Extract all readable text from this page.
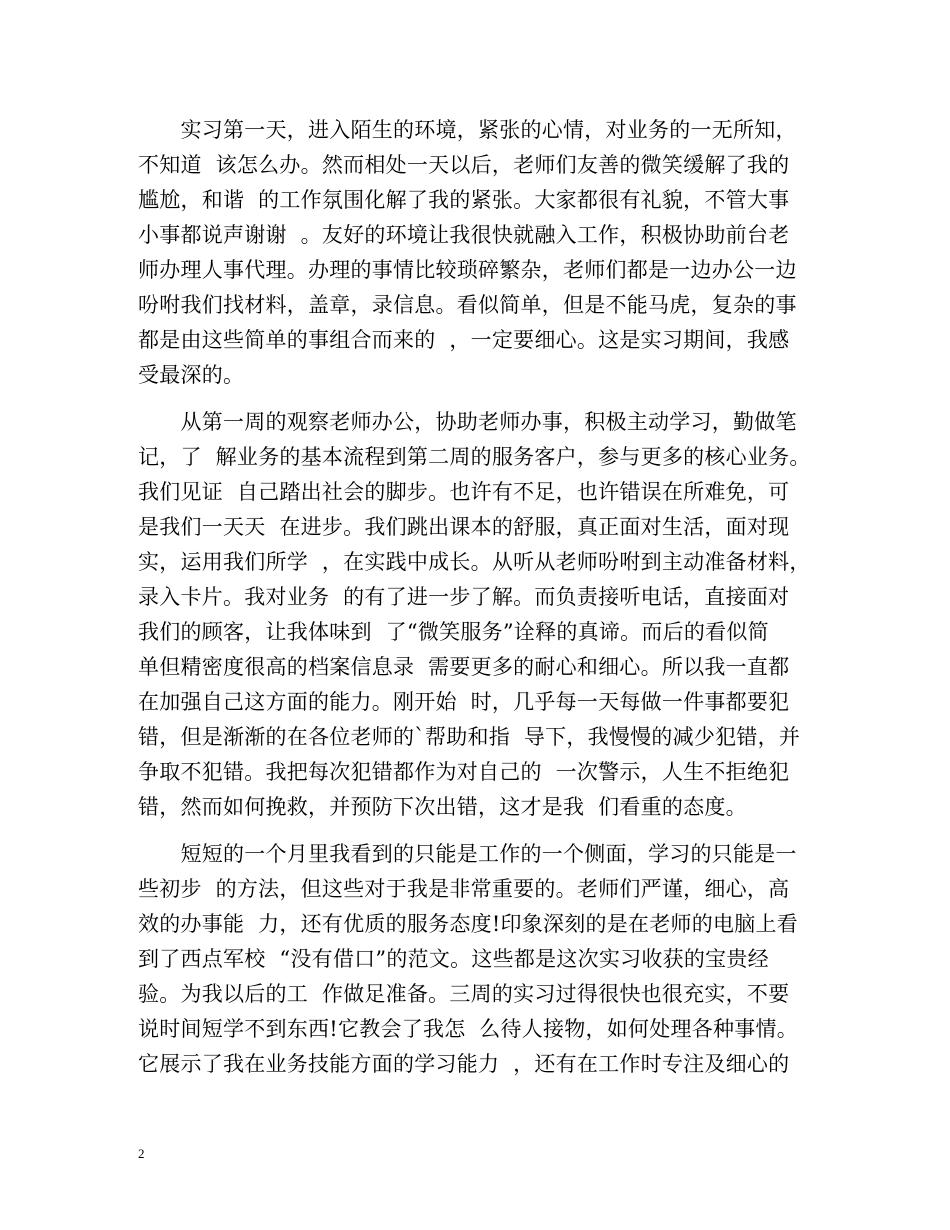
　　实习第一天，进入陌生的环境，紧张的心情，对业务的一无所知，
不知道  该怎么办。然而相处一天以后，老师们友善的微笑缓解了我的
尴尬，和谐  的工作氛围化解了我的紧张。大家都很有礼貌，不管大事
小事都说声谢谢  。友好的环境让我很快就融入工作，积极协助前台老
师办理人事代理。办理的事情比较琐碎繁杂，老师们都是一边办公一边
吩咐我们找材料，盖章，录信息。看似简单，但是不能马虎，复杂的事
都是由这些简单的事组合而来的  ，一定要细心。这是实习期间，我感
受最深的。
　　从第一周的观察老师办公，协助老师办事，积极主动学习，勤做笔
记，了  解业务的基本流程到第二周的服务客户，参与更多的核心业务。
我们见证  自己踏出社会的脚步。也许有不足，也许错误在所难免，可
是我们一天天  在进步。我们跳出课本的舒服，真正面对生活，面对现
实，运用我们所学  ，在实践中成长。从听从老师吩咐到主动准备材料，
录入卡片。我对业务  的有了进一步了解。而负责接听电话，直接面对
我们的顾客，让我体味到  了“微笑服务”诠释的真谛。而后的看似简
单但精密度很高的档案信息录  需要更多的耐心和细心。所以我一直都
在加强自己这方面的能力。刚开始  时，几乎每一天每做一件事都要犯
错，但是渐渐的在各位老师的`帮助和指  导下，我慢慢的减少犯错，并
争取不犯错。我把每次犯错都作为对自己的  一次警示，人生不拒绝犯
错，然而如何挽救，并预防下次出错，这才是我  们看重的态度。
　　短短的一个月里我看到的只能是工作的一个侧面，学习的只能是一
些初步  的方法，但这些对于我是非常重要的。老师们严谨，细心，高
效的办事能  力，还有优质的服务态度!印象深刻的是在老师的电脑上看
到了西点军校  “没有借口”的范文。这些都是这次实习收获的宝贵经
验。为我以后的工  作做足准备。三周的实习过得很快也很充实，不要
说时间短学不到东西!它教会了我怎  么待人接物，如何处理各种事情。
它展示了我在业务技能方面的学习能力  ，还有在工作时专注及细心的
2
